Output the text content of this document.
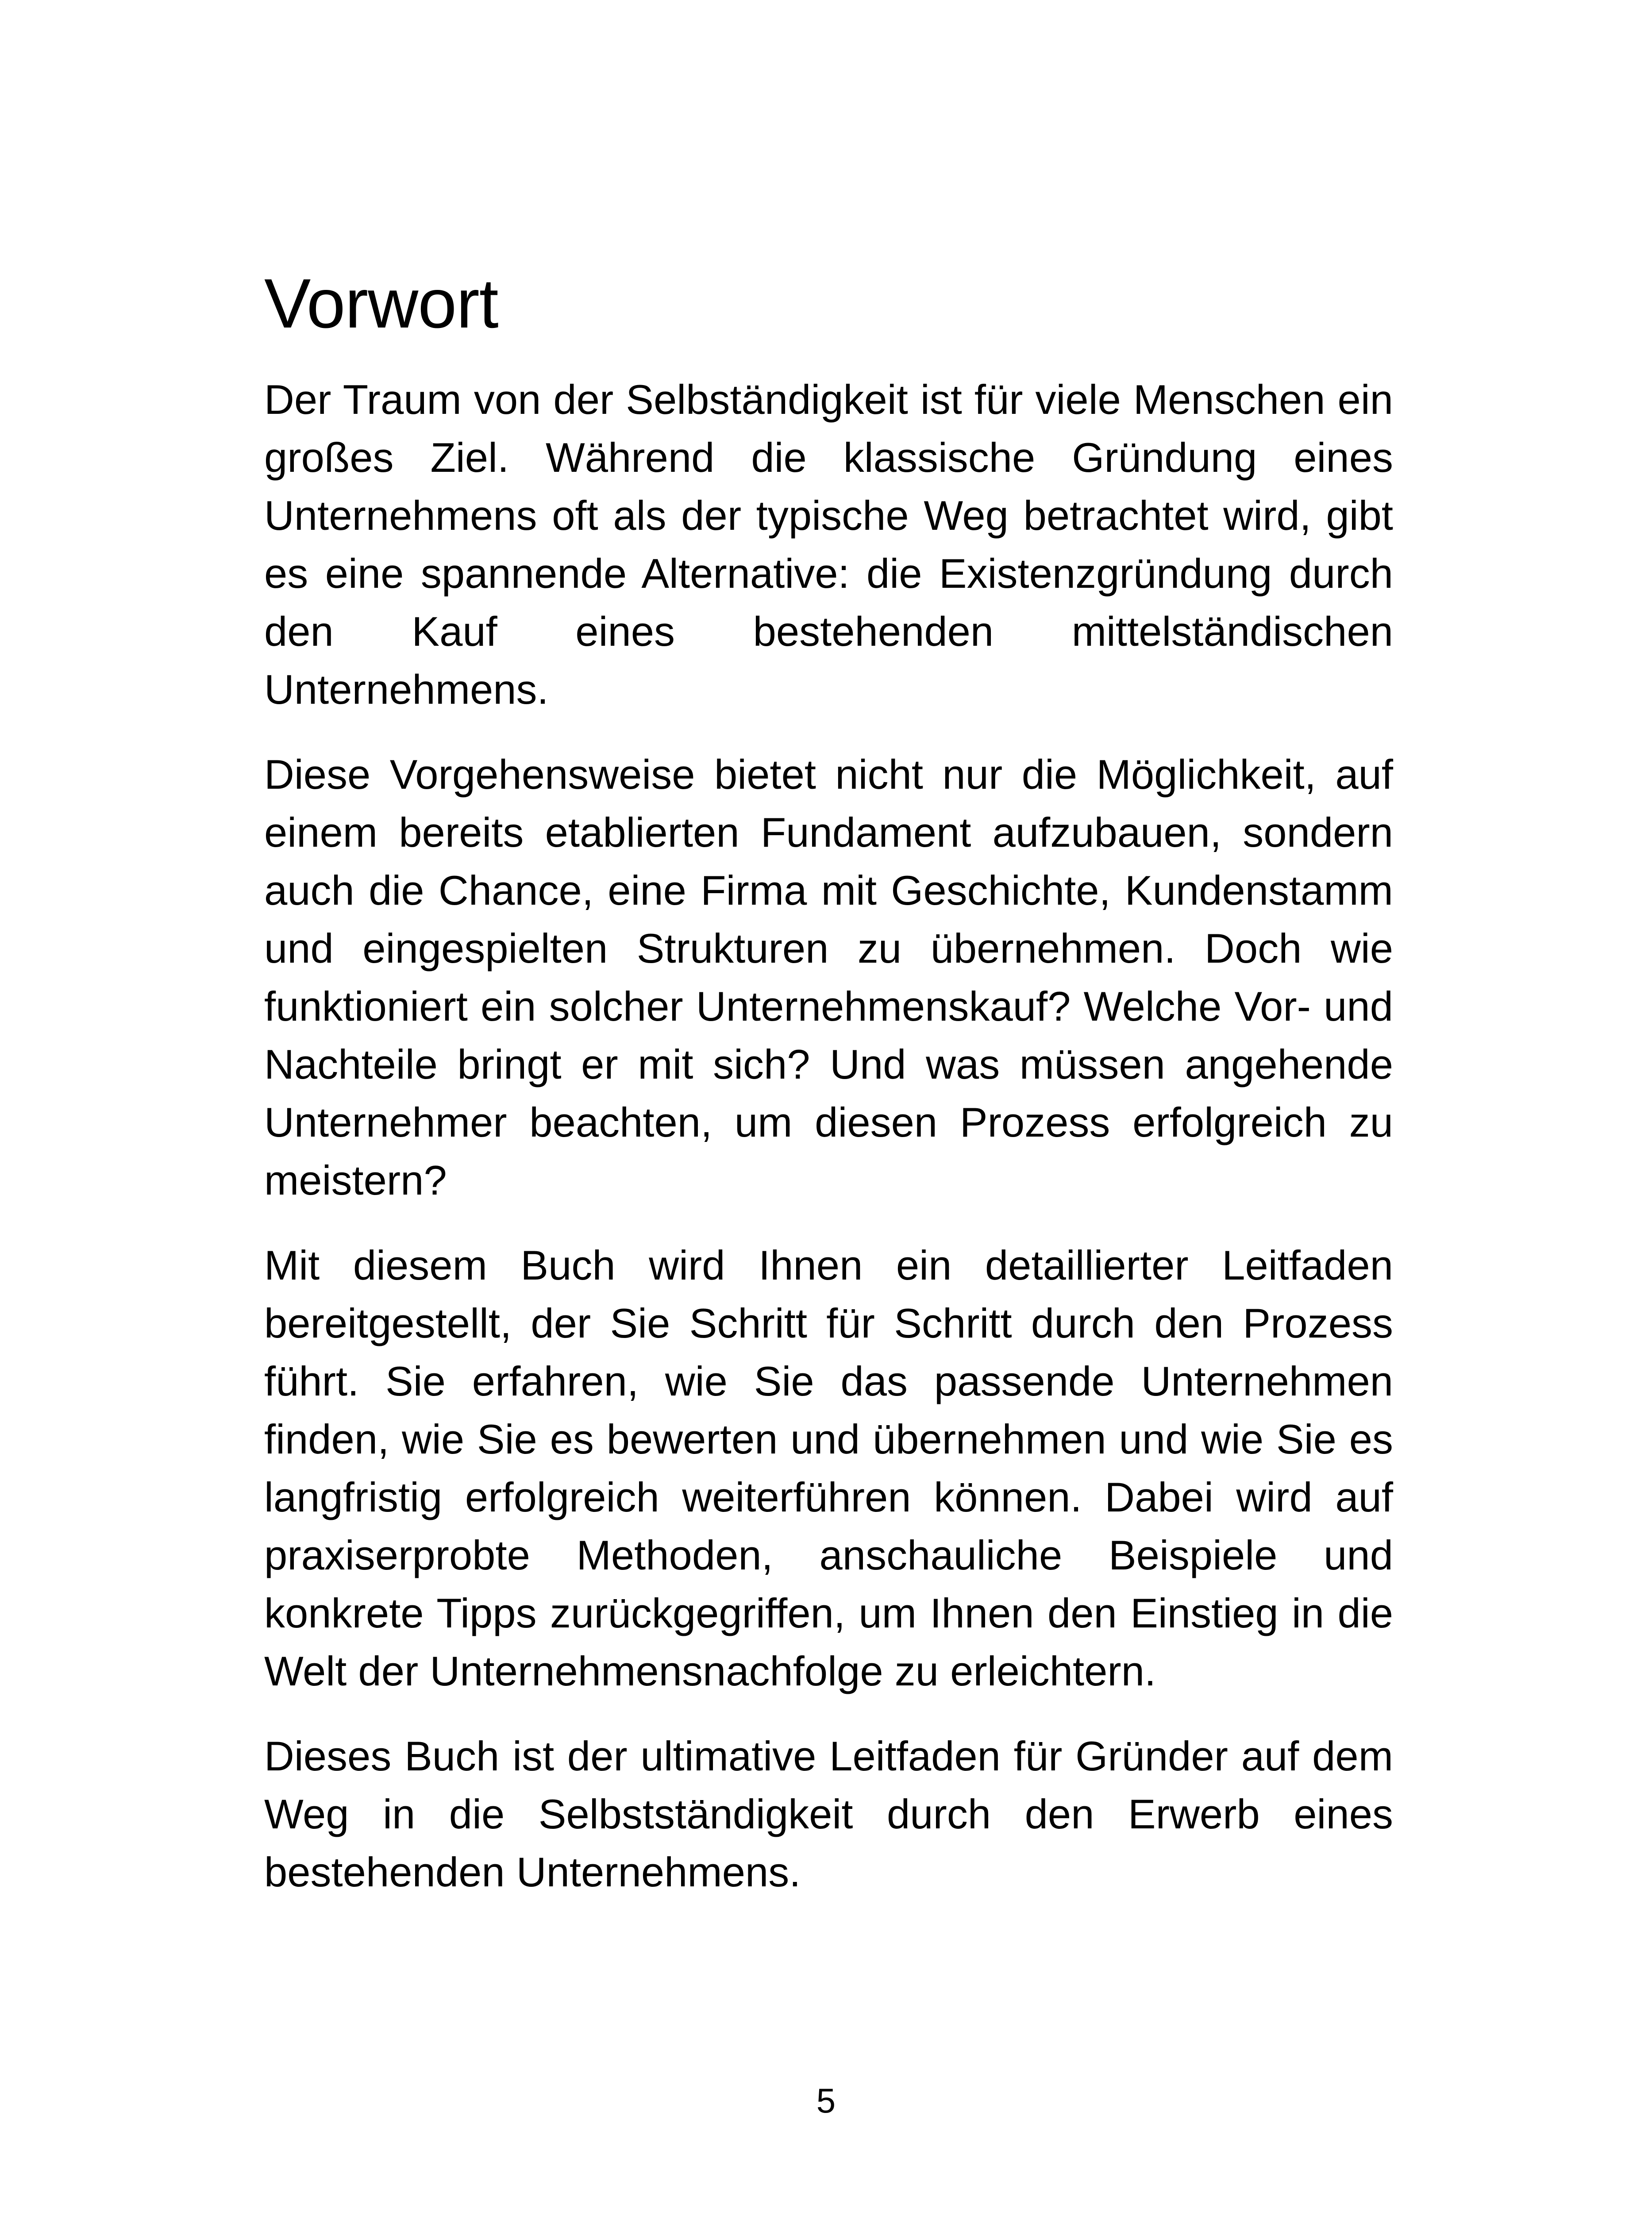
Vorwort

Der Traum von der Selbständigkeit ist für viele Menschen ein großes Ziel. Während die klassische Gründung eines Unternehmens oft als der typische Weg betrachtet wird, gibt es eine spannende Alternative: die Existenzgründung durch den Kauf eines bestehenden mittelständischen Unternehmens.

Diese Vorgehensweise bietet nicht nur die Möglichkeit, auf einem bereits etablierten Fundament aufzubauen, sondern auch die Chance, eine Firma mit Geschichte, Kundenstamm und eingespielten Strukturen zu übernehmen. Doch wie funktioniert ein solcher Unternehmenskauf? Welche Vor- und Nachteile bringt er mit sich? Und was müssen angehende Unternehmer beachten, um diesen Prozess erfolgreich zu meistern?

Mit diesem Buch wird Ihnen ein detaillierter Leitfaden bereitgestellt, der Sie Schritt für Schritt durch den Prozess führt. Sie erfahren, wie Sie das passende Unternehmen finden, wie Sie es bewerten und übernehmen und wie Sie es langfristig erfolgreich weiterführen können. Dabei wird auf praxiserprobte Methoden, anschauliche Beispiele und konkrete Tipps zurückgegriffen, um Ihnen den Einstieg in die Welt der Unternehmensnachfolge zu erleichtern.

Dieses Buch ist der ultimative Leitfaden für Gründer auf dem Weg in die Selbstständigkeit durch den Erwerb eines bestehenden Unternehmens.

5
